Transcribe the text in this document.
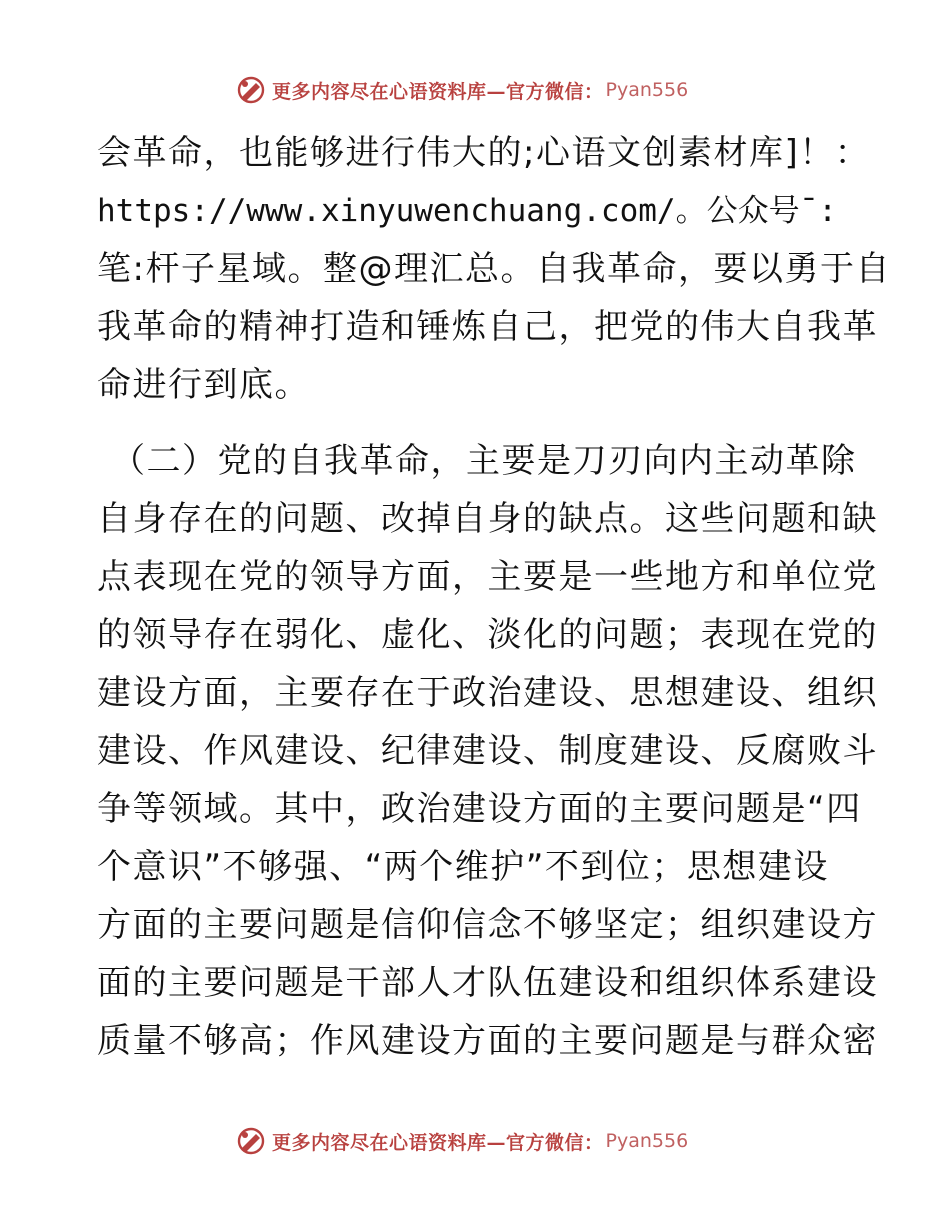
更多内容尽在心语资料库—官方微信： Pyan556
会革命，也能够进行伟大的;心语文创素材库]！：
https://www.xinyuwenchuang.com/。公众号¯:
笔:杆子星域。整@理汇总。自我革命，要以勇于自
我革命的精神打造和锤炼自己，把党的伟大自我革
命进行到底。
（二）党的自我革命，主要是刀刃向内主动革除
自身存在的问题、改掉自身的缺点。这些问题和缺
点表现在党的领导方面，主要是一些地方和单位党
的领导存在弱化、虚化、淡化的问题；表现在党的
建设方面，主要存在于政治建设、思想建设、组织
建设、作风建设、纪律建设、制度建设、反腐败斗
争等领域。其中，政治建设方面的主要问题是“四
个意识”不够强、“两个维护”不到位；思想建设
方面的主要问题是信仰信念不够坚定；组织建设方
面的主要问题是干部人才队伍建设和组织体系建设
质量不够高；作风建设方面的主要问题是与群众密
更多内容尽在心语资料库—官方微信： Pyan556
